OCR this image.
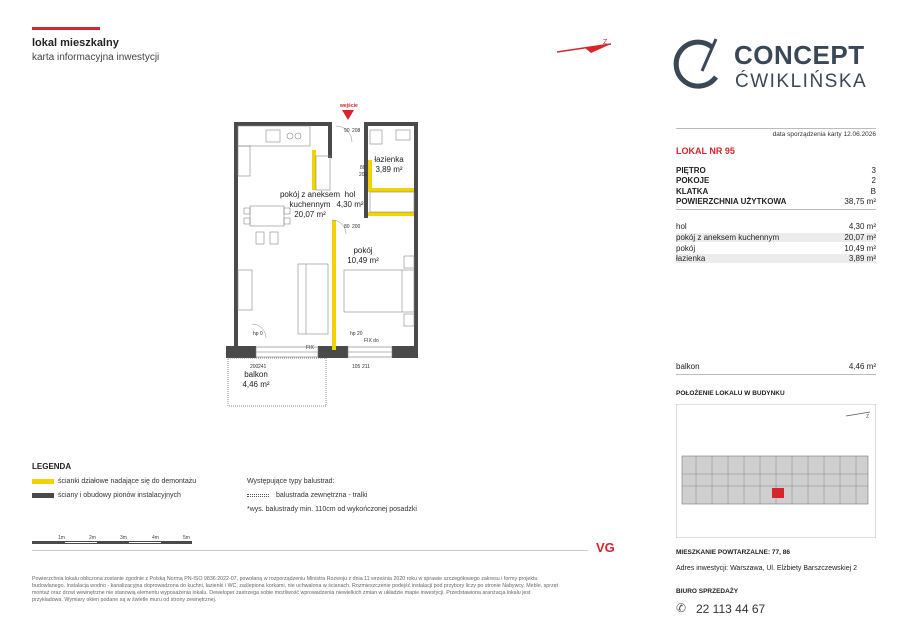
lokal mieszkalny
karta informacyjna inwestycji
Z	CONCEPT
ĆWIKLIŃSKA
data sporządzenia karty 12.06.2026
LOKAL NR 95
PIĘTRO	3
POKOJE	2
KLATKA	B
POWIERZCHNIA UŻYTKOWA	38,75 m²
hol	4,30 m²
pokój z aneksem kuchennym	20,07 m²
pokój	10,49 m²
łazienka	3,89 m²
balkon	4,46 m²
POŁOŻENIE LOKALU W BUDYNKU
Z
MIESZKANIE POWTARZALNE: 77, 86
Adres inwestycji: Warszawa, Ul. Elżbiety Barszczewskiej 2
BIURO SPRZEDAŻY
✆ 22 113 44 67
wejście
pokój z aneksem
kuchennym
20,07 m²
hol
4,30 m²
łazienka
3,89 m²
pokój
10,49 m²
balkon
4,46 m²
90 208
80
200
80 200
hp 0
FIX
hp 20
FIX do
200 241	105 211
LEGENDA
ścianki działowe nadające się do demontażu
ściany i obudowy pionów instalacyjnych
Występujące typy balustrad:
balustrada zewnętrzna - tralki
*wys. balustrady min. 110cm od wykończonej posadzki
1m	2m	3m	4m	5m
VG
Powierzchnia lokalu obliczona zostanie zgodnie z Polską Normą PN-ISO 9836:2022-07, powołaną w rozporządzeniu Ministra Rozwoju z dnia 11 września 2020 roku w sprawie szczegółowego zakresu i formy projektu
budowlanego. Instalacja wodno - kanalizacyjna doprowadzona do kuchni, łazienki i WC, zaślepiona korkami, nie uchwalona w ścianach. Rozmieszczenie podejść instalacji pod przybory liczy po stronie Nabywcy. Meble, sprzęt
montaż oraz drzwi wewnętrzne nie stanowią elementu wyposażenia lokalu. Deweloper zastrzega sobie możliwość wprowadzenia niewielkich zmian w układzie mapie inwestycji. Przedstawiona aranżacja lokalu jest
przykładowa. Wymiary okien podane są w świetle muru od strony zewnętrznej.
